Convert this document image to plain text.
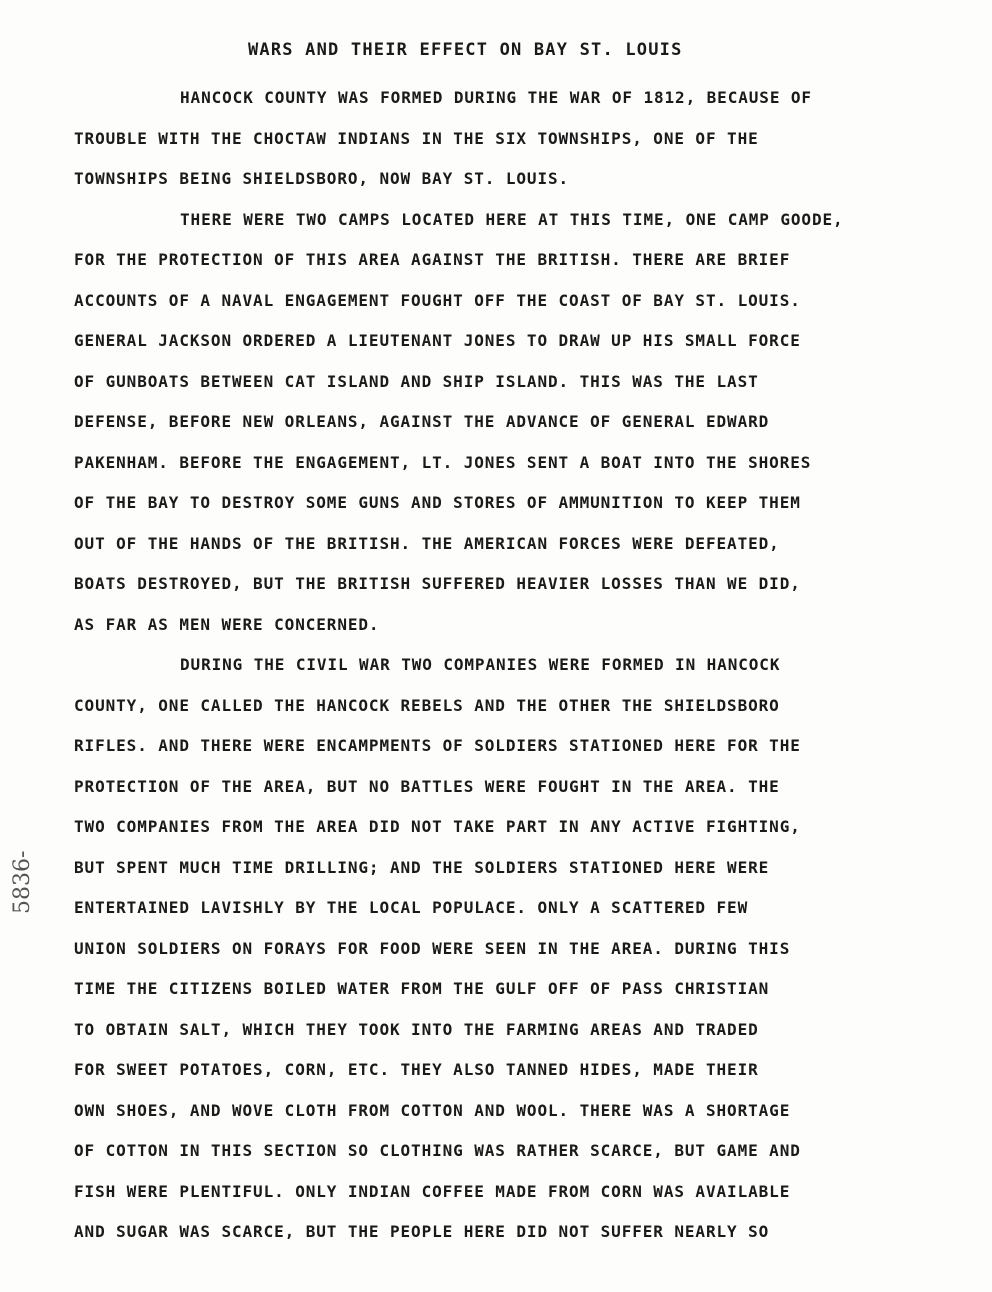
WARS AND THEIR EFFECT ON BAY ST. LOUIS
HANCOCK COUNTY WAS FORMED DURING THE WAR OF 1812, BECAUSE OF
TROUBLE WITH THE CHOCTAW INDIANS IN THE SIX TOWNSHIPS, ONE OF THE
TOWNSHIPS BEING SHIELDSBORO, NOW BAY ST. LOUIS.
THERE WERE TWO CAMPS LOCATED HERE AT THIS TIME, ONE CAMP GOODE,
FOR THE PROTECTION OF THIS AREA AGAINST THE BRITISH. THERE ARE BRIEF
ACCOUNTS OF A NAVAL ENGAGEMENT FOUGHT OFF THE COAST OF BAY ST. LOUIS.
GENERAL JACKSON ORDERED A LIEUTENANT JONES TO DRAW UP HIS SMALL FORCE
OF GUNBOATS BETWEEN CAT ISLAND AND SHIP ISLAND. THIS WAS THE LAST
DEFENSE, BEFORE NEW ORLEANS, AGAINST THE ADVANCE OF GENERAL EDWARD
PAKENHAM. BEFORE THE ENGAGEMENT, LT. JONES SENT A BOAT INTO THE SHORES
OF THE BAY TO DESTROY SOME GUNS AND STORES OF AMMUNITION TO KEEP THEM
OUT OF THE HANDS OF THE BRITISH. THE AMERICAN FORCES WERE DEFEATED,
BOATS DESTROYED, BUT THE BRITISH SUFFERED HEAVIER LOSSES THAN WE DID,
AS FAR AS MEN WERE CONCERNED.
DURING THE CIVIL WAR TWO COMPANIES WERE FORMED IN HANCOCK
COUNTY, ONE CALLED THE HANCOCK REBELS AND THE OTHER THE SHIELDSBORO
RIFLES. AND THERE WERE ENCAMPMENTS OF SOLDIERS STATIONED HERE FOR THE
PROTECTION OF THE AREA, BUT NO BATTLES WERE FOUGHT IN THE AREA. THE
TWO COMPANIES FROM THE AREA DID NOT TAKE PART IN ANY ACTIVE FIGHTING,
BUT SPENT MUCH TIME DRILLING; AND THE SOLDIERS STATIONED HERE WERE
ENTERTAINED LAVISHLY BY THE LOCAL POPULACE. ONLY A SCATTERED FEW
UNION SOLDIERS ON FORAYS FOR FOOD WERE SEEN IN THE AREA. DURING THIS
TIME THE CITIZENS BOILED WATER FROM THE GULF OFF OF PASS CHRISTIAN
TO OBTAIN SALT, WHICH THEY TOOK INTO THE FARMING AREAS AND TRADED
FOR SWEET POTATOES, CORN, ETC. THEY ALSO TANNED HIDES, MADE THEIR
OWN SHOES, AND WOVE CLOTH FROM COTTON AND WOOL. THERE WAS A SHORTAGE
OF COTTON IN THIS SECTION SO CLOTHING WAS RATHER SCARCE, BUT GAME AND
FISH WERE PLENTIFUL. ONLY INDIAN COFFEE MADE FROM CORN WAS AVAILABLE
AND SUGAR WAS SCARCE, BUT THE PEOPLE HERE DID NOT SUFFER NEARLY SO
5836-
